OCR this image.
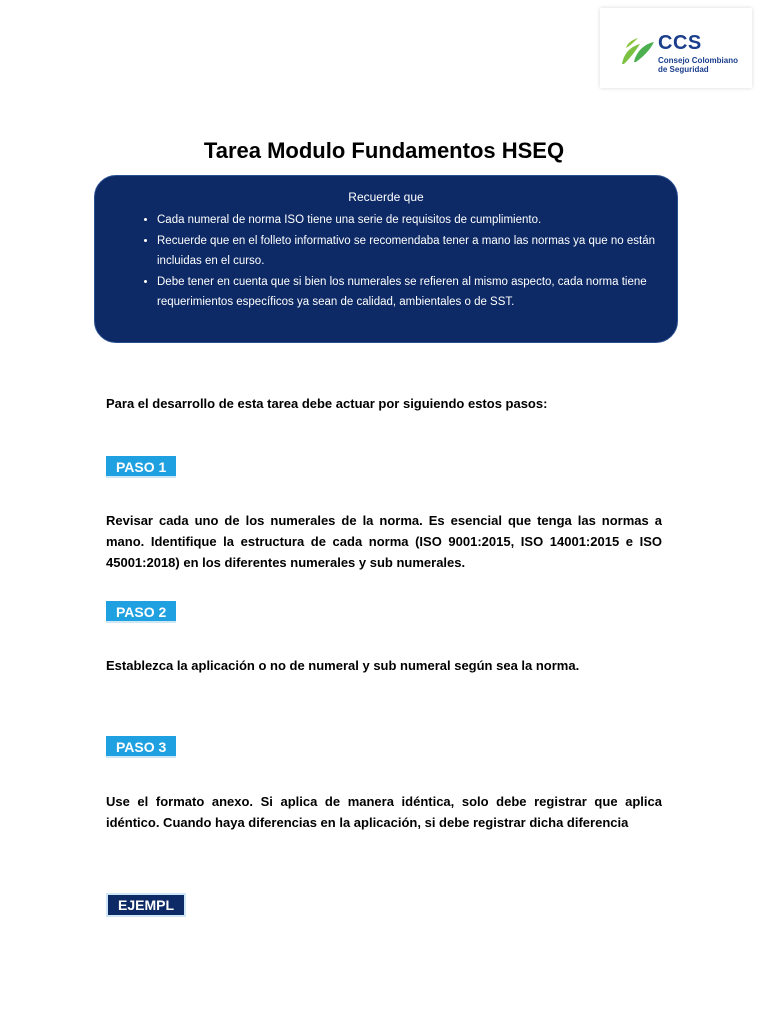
CCS
Consejo Colombiano de Seguridad
Tarea Modulo Fundamentos HSEQ
Recuerde que
• Cada numeral de norma ISO tiene una serie de requisitos de cumplimiento.
• Recuerde que en el folleto informativo se recomendaba tener a mano las normas ya que no están incluidas en el curso.
• Debe tener en cuenta que si bien los numerales se refieren al mismo aspecto, cada norma tiene requerimientos específicos ya sean de calidad, ambientales o de SST.
Para el desarrollo de esta tarea debe actuar por siguiendo estos pasos:
PASO 1
Revisar cada uno de los numerales de la norma. Es esencial que tenga las normas a mano. Identifique la estructura de cada norma (ISO 9001:2015, ISO 14001:2015 e ISO 45001:2018) en los diferentes numerales y sub numerales.
PASO 2
Establezca la aplicación o no de numeral y sub numeral según sea la norma.
PASO 3
Use el formato anexo. Si aplica de manera idéntica, solo debe registrar que aplica idéntico. Cuando haya diferencias en la aplicación, si debe registrar dicha diferencia
EJEMPL
